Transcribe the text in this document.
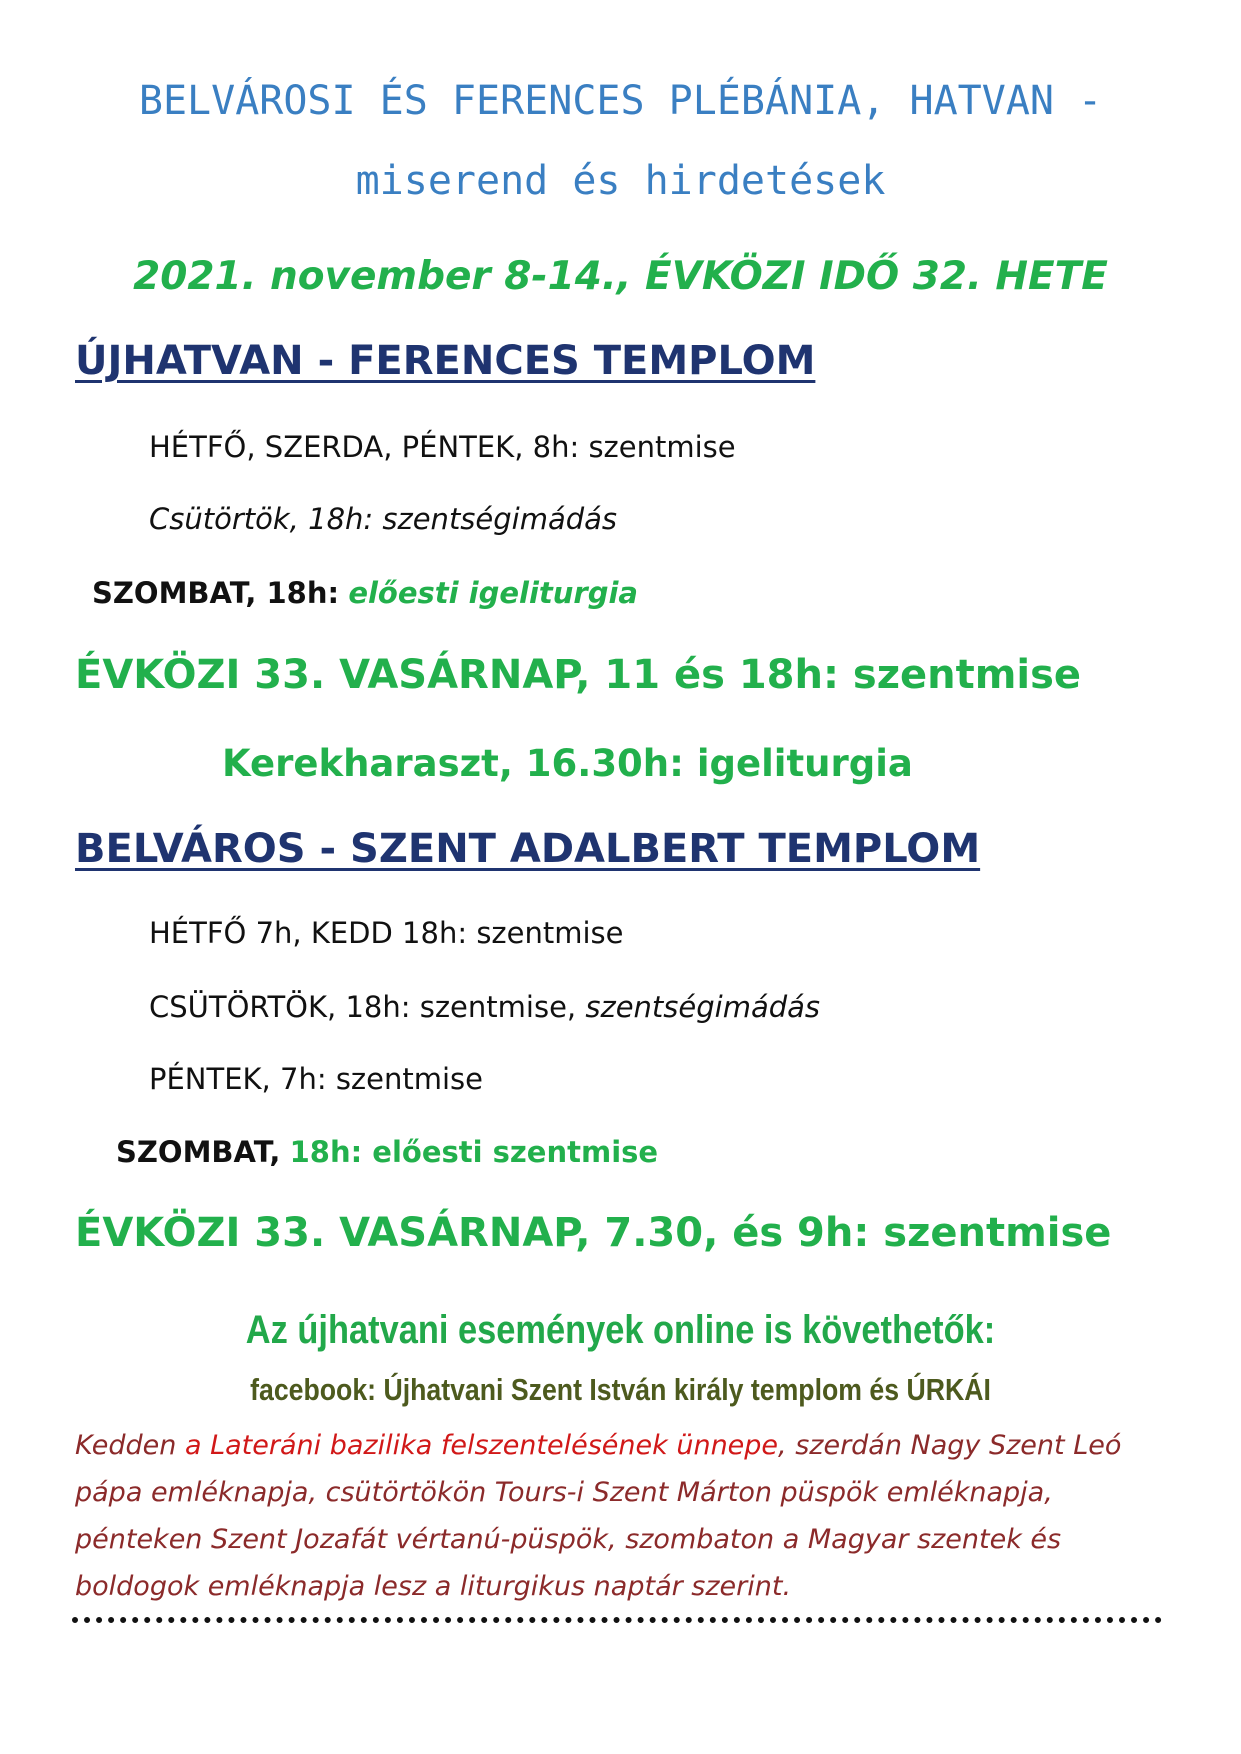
BELVÁROSI ÉS FERENCES PLÉBÁNIA, HATVAN -
miserend és hirdetések
2021. november 8-14., ÉVKÖZI IDŐ 32. HETE
ÚJHATVAN - FERENCES TEMPLOM
HÉTFŐ, SZERDA, PÉNTEK, 8h: szentmise
Csütörtök, 18h: szentségimádás
SZOMBAT, 18h: előesti igeliturgia
ÉVKÖZI 33. VASÁRNAP, 11 és 18h: szentmise
Kerekharaszt, 16.30h: igeliturgia
BELVÁROS - SZENT ADALBERT TEMPLOM
HÉTFŐ 7h, KEDD 18h: szentmise
CSÜTÖRTÖK, 18h: szentmise, szentségimádás
PÉNTEK, 7h: szentmise
SZOMBAT, 18h: előesti szentmise
ÉVKÖZI 33. VASÁRNAP, 7.30, és 9h: szentmise
Az újhatvani események online is követhetők:
facebook: Újhatvani Szent István király templom és ÚRKÁI
Kedden a Lateráni bazilika felszentelésének ünnepe, szerdán Nagy Szent Leó pápa emléknapja, csütörtökön Tours-i Szent Márton püspök emléknapja, pénteken Szent Jozafát vértanú-püspök, szombaton a Magyar szentek és boldogok emléknapja lesz a liturgikus naptár szerint.
